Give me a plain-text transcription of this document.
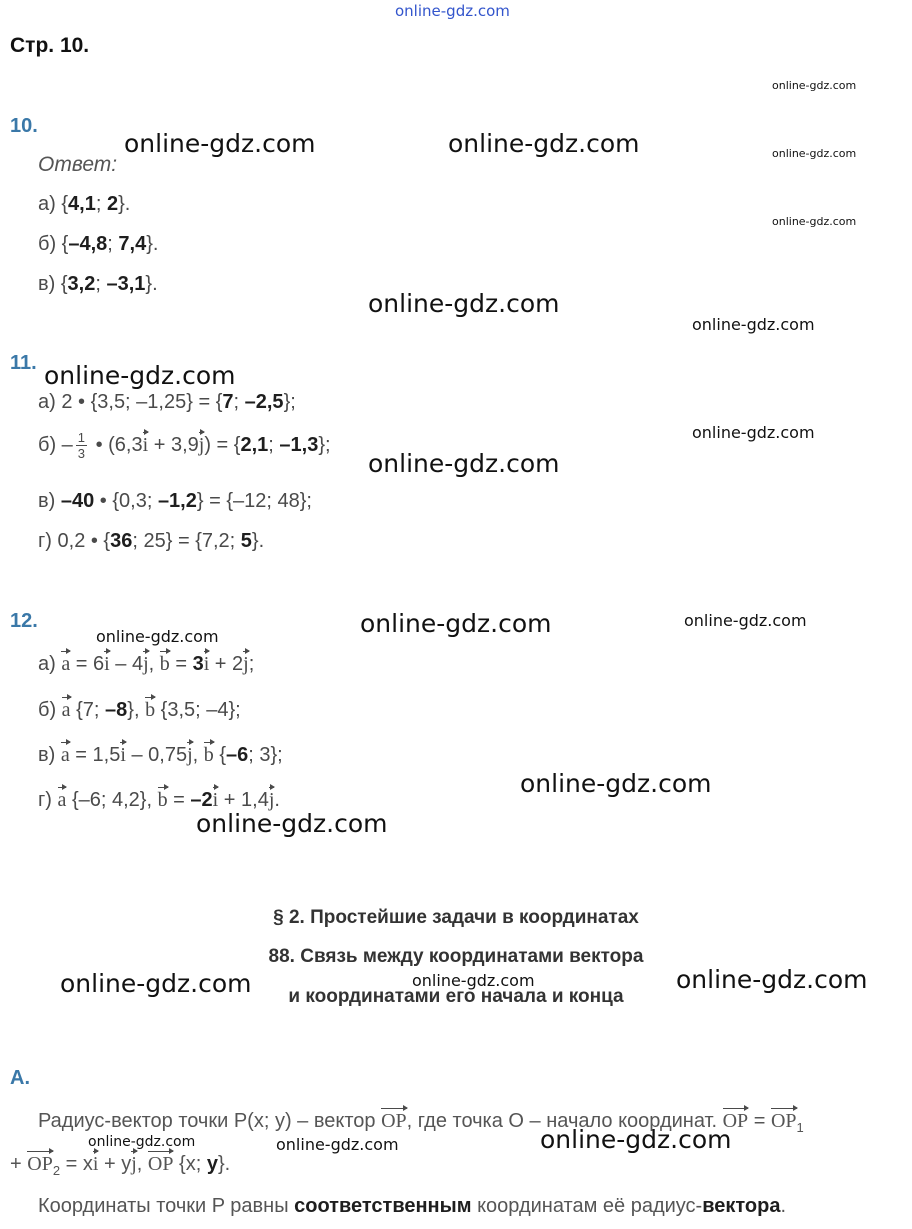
online-gdz.com
Стр. 10.
10.
Ответ:
а) {4,1; 2}.
б) {–4,8; 7,4}.
в) {3,2; –3,1}.
11.
а) 2 • {3,5; –1,25} = {7; –2,5};
$б) - \frac{1}{3}$ • (6,3i + 3,9j) = {2,1; –1,3};
в) –40 • {0,3; –1,2} = {–12; 48};
г) 0,2 • {36; 25} = {7,2; 5}.
12.
а) a = 6i – 4j, b = 3i + 2j;
б) a {7; –8}, b {3,5; –4};
в) a = 1,5i – 0,75j, b {–6; 3};
г) a {–6; 4,2}, b = –2i + 1,4j.
§ 2. Простейшие задачи в координатах
88. Связь между координатами вектора
и координатами его начала и конца
А.
Радиус-вектор точки P(x; y) – вектор OP, где точка О – начало координат. OP = $OP_1$
+ $OP_2$ = xi + yj, OP {x; y}.
Координаты точки P равны соответственным координатам её радиус-вектора.
online-gdz.com	online-gdz.com
online-gdz.com
online-gdz.com
online-gdz.com
online-gdz.com
online-gdz.com
online-gdz.com
online-gdz.com	online-gdz.com
online-gdz.com
online-gdz.com
online-gdz.com
online-gdz.com
online-gdz.com
online-gdz.com
online-gdz.com
online-gdz.com
online-gdz.com
online-gdz.com
online-gdz.com
